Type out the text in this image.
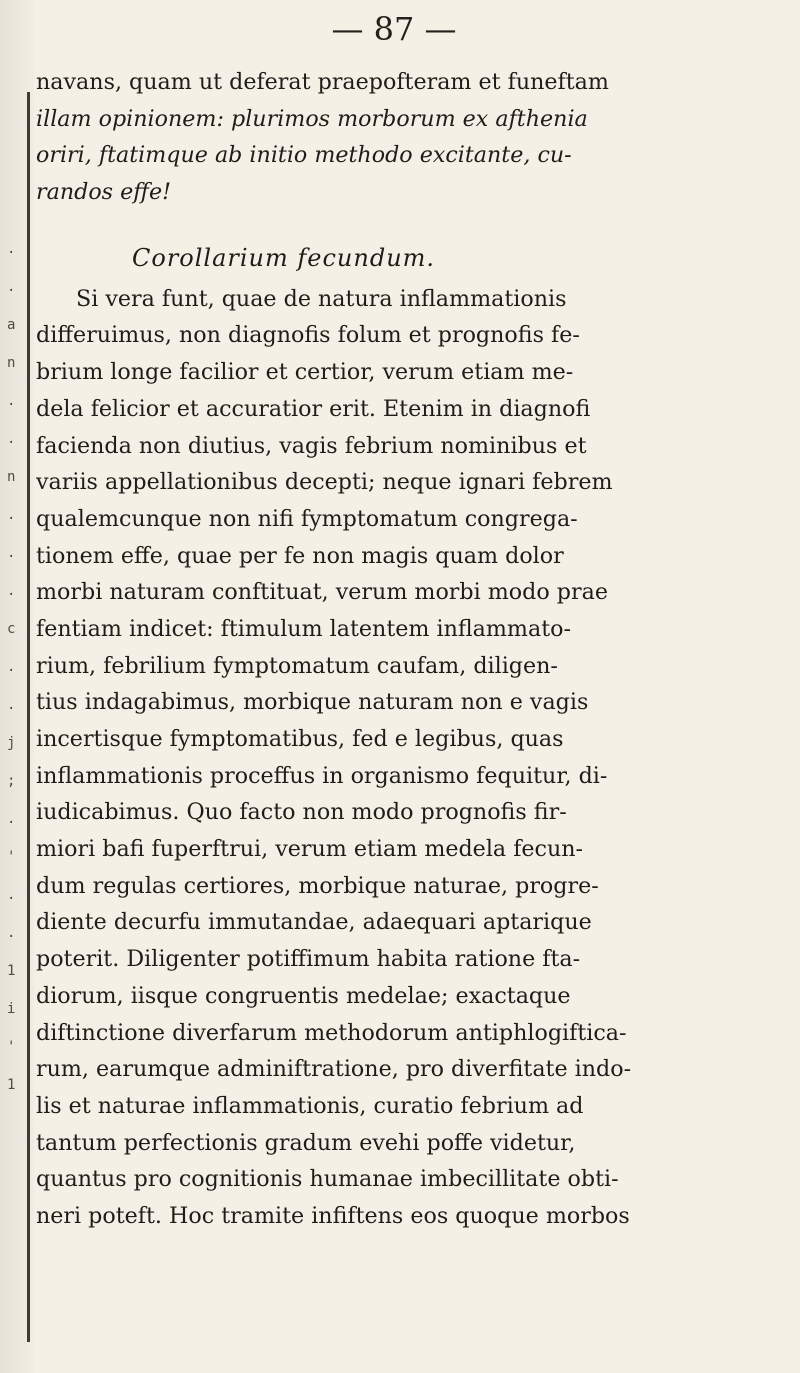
.
.
a
n
.
.
n
.
.
.
c
.
.
j
;
.
'
.
.
1
i
'
1
— 87 —
navans, quam ut deferat praepofteram et funeftam
illam opinionem: plurimos morborum ex afthenia
oriri, ftatimque ab initio methodo excitante, cu-
randos effe!
Corollarium fecundum.
Si vera funt, quae de natura inflammationis
differuimus, non diagnofis folum et prognofis fe-
brium longe facilior et certior, verum etiam me-
dela felicior et accuratior erit. Etenim in diagnofi
facienda non diutius, vagis febrium nominibus et
variis appellationibus decepti; neque ignari febrem
qualemcunque non nifi fymptomatum congrega-
tionem effe, quae per fe non magis quam dolor
morbi naturam conftituat, verum morbi modo prae
fentiam indicet: ftimulum latentem inflammato-
rium, febrilium fymptomatum caufam, diligen-
tius indagabimus, morbique naturam non e vagis
incertisque fymptomatibus, fed e legibus, quas
inflammationis proceffus in organismo fequitur, di-
iudicabimus. Quo facto non modo prognofis fir-
miori bafi fuperftrui, verum etiam medela fecun-
dum regulas certiores, morbique naturae, progre-
diente decurfu immutandae, adaequari aptarique
poterit. Diligenter potiffimum habita ratione fta-
diorum, iisque congruentis medelae; exactaque
diftinctione diverfarum methodorum antiphlogiftica-
rum, earumque adminiftratione, pro diverfitate indo-
lis et naturae inflammationis, curatio febrium ad
tantum perfectionis gradum evehi poffe videtur,
quantus pro cognitionis humanae imbecillitate obti-
neri poteft. Hoc tramite infiftens eos quoque morbos
